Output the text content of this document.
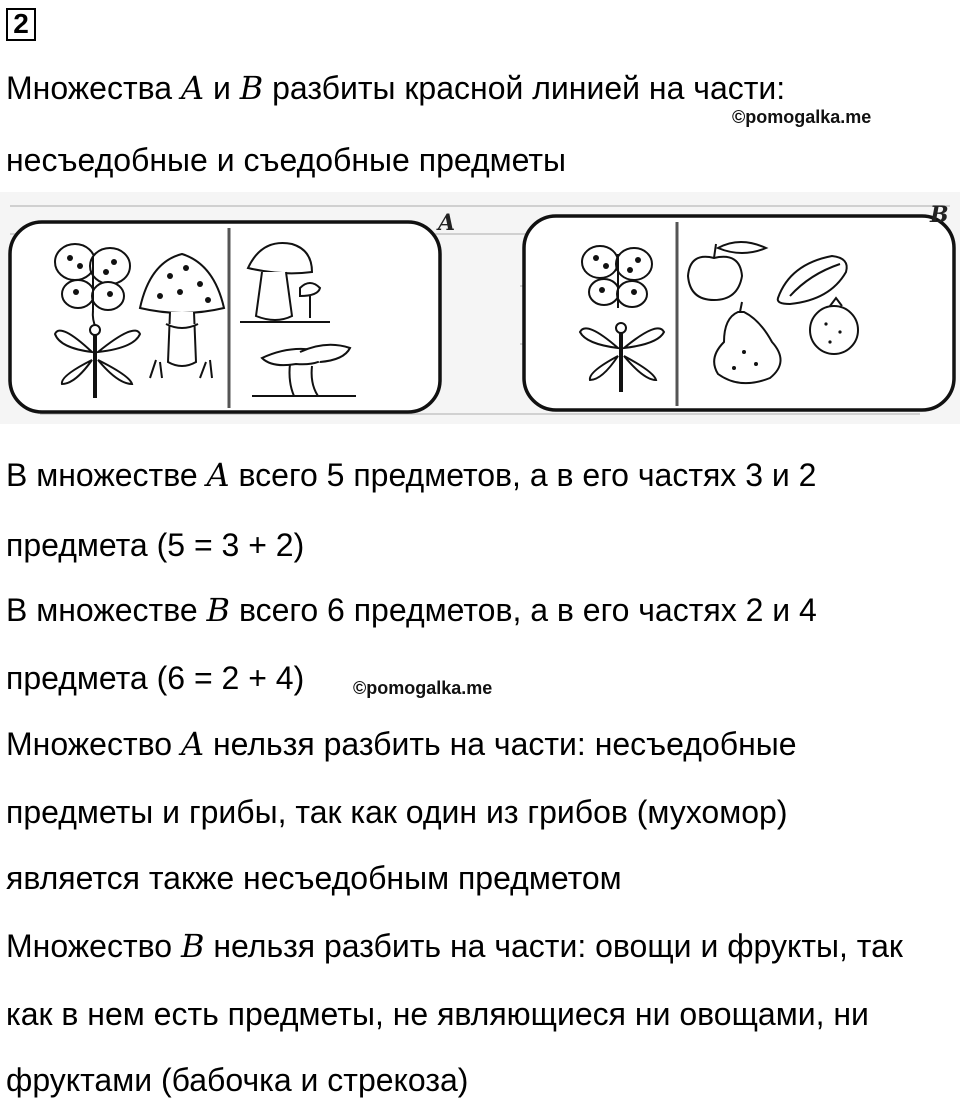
2
Множества A и B разбиты красной линией на части:
©pomogalka.me
несъедобные и съедобные предметы
A	B
В множестве A всего 5 предметов, а в его частях 3 и 2
предмета (5 = 3 + 2)
В множестве B всего 6 предметов, а в его частях 2 и 4
предмета (6 = 2 + 4)	©pomogalka.me
Множество A нельзя разбить на части: несъедобные
предметы и грибы, так как один из грибов (мухомор)
является также несъедобным предметом
Множество B нельзя разбить на части: овощи и фрукты, так
как в нем есть предметы, не являющиеся ни овощами, ни
фруктами (бабочка и стрекоза)
